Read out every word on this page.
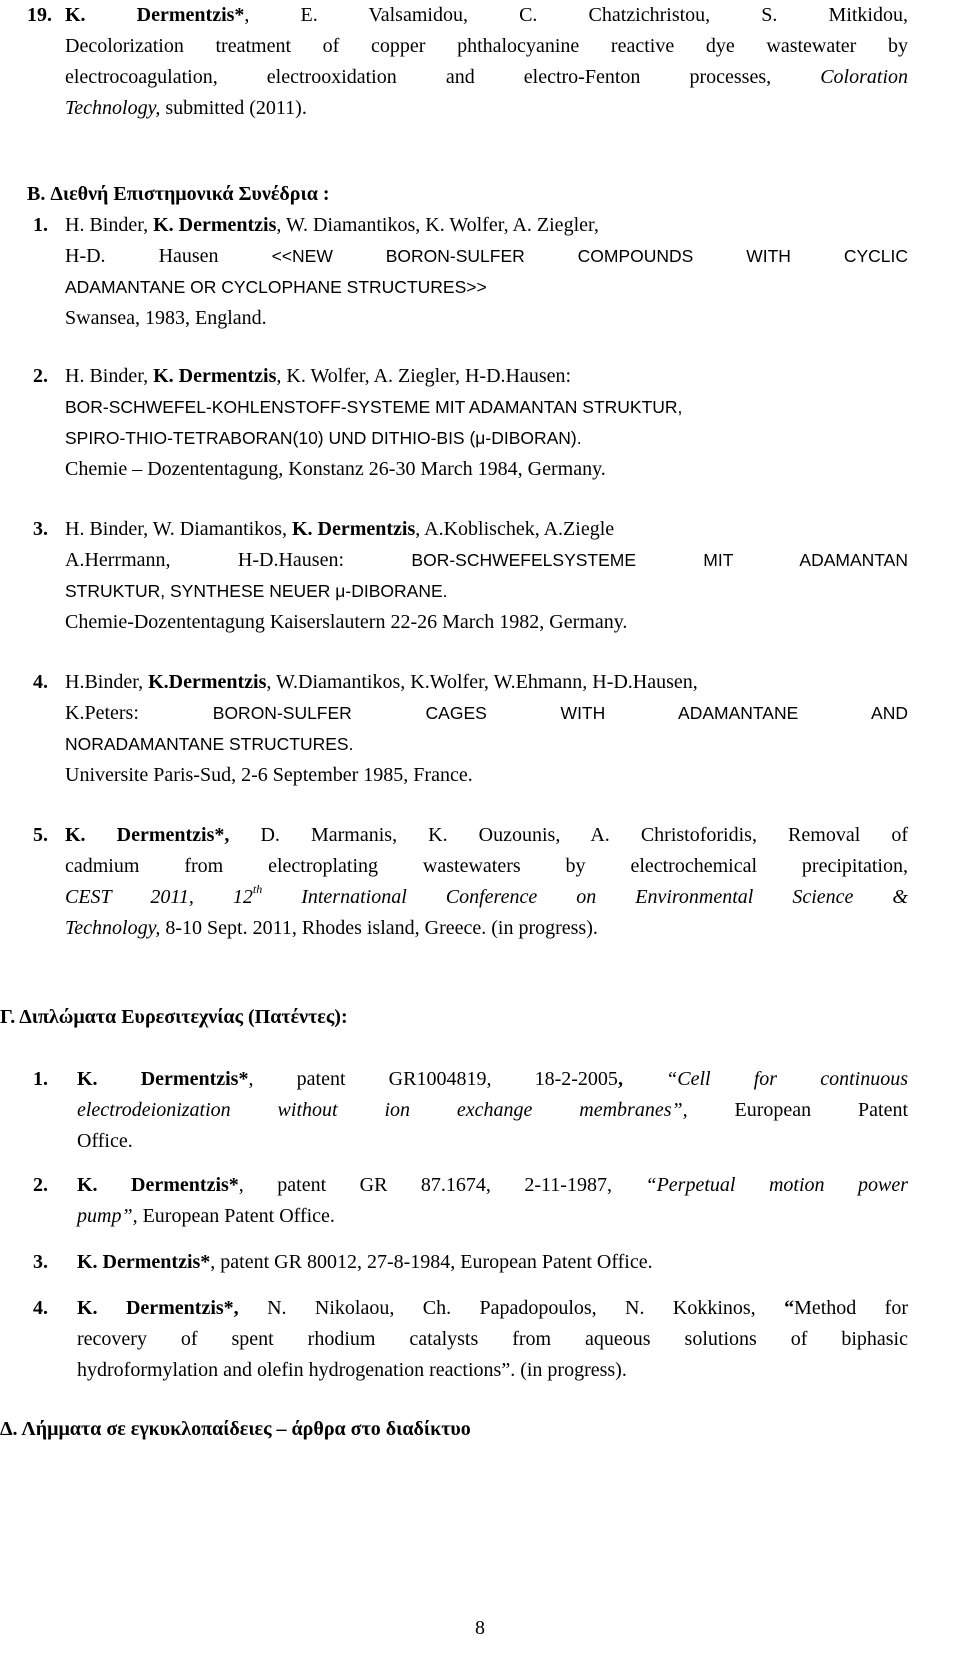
19. K. Dermentzis*, E. Valsamidou, C. Chatzichristou, S. Mitkidou,
Decolorization treatment of copper phthalocyanine reactive dye wastewater by
electrocoagulation, electrooxidation and electro-Fenton processes, Coloration
Technology, submitted (2011).
B. Διεθνή Επιστημονικά Συνέδρια :
1. H. Binder, K. Dermentzis, W. Diamantikos, K. Wolfer, A. Ziegler,
H-D. Hausen <<NEW BORON-SULFER COMPOUNDS WITH CYCLIC
ADAMANTANE OR CYCLOPHANE STRUCTURES>>
Swansea, 1983, England.
2. H. Binder, K. Dermentzis, K. Wolfer, A. Ziegler, H-D.Hausen:
BOR-SCHWEFEL-KOHLENSTOFF-SYSTEME MIT ADAMANTAN STRUKTUR,
SPIRO-THIO-TETRABORAN(10) UND DITHIO-BIS (μ-DIBORAN).
Chemie – Dozententagung, Konstanz 26-30 March 1984, Germany.
3. H. Binder, W. Diamantikos, K. Dermentzis, A.Koblischek, A.Ziegle
A.Herrmann, H-D.Hausen: BOR-SCHWEFELSYSTEME MIT ADAMANTAN
STRUKTUR, SYNTHESE NEUER μ-DIBORANE.
Chemie-Dozententagung Kaiserslautern 22-26 March 1982, Germany.
4. H.Binder, K.Dermentzis, W.Diamantikos, K.Wolfer, W.Ehmann, H-D.Hausen,
K.Peters: BORON-SULFER CAGES WITH ADAMANTANE AND
NORADAMANTANE STRUCTURES.
Universite Paris-Sud, 2-6 September 1985, France.
5. K. Dermentzis*, D. Marmanis, K. Ouzounis, A. Christoforidis, Removal of
cadmium from electroplating wastewaters by electrochemical precipitation,
CEST 2011, 12th International Conference on Environmental Science &
Technology, 8-10 Sept. 2011, Rhodes island, Greece. (in progress).
Γ. Διπλώματα Ευρεσιτεχνίας (Πατέντες):
1. K. Dermentzis*, patent GR1004819, 18-2-2005, “Cell for continuous
electrodeionization without ion exchange membranes”, European Patent
Office.
2. K. Dermentzis*, patent GR 87.1674, 2-11-1987, “Perpetual motion power
pump”, European Patent Office.
3. K. Dermentzis*, patent GR 80012, 27-8-1984, European Patent Office.
4. K. Dermentzis*, N. Nikolaou, Ch. Papadopoulos, N. Kokkinos, “Method for
recovery of spent rhodium catalysts from aqueous solutions of biphasic
hydroformylation and olefin hydrogenation reactions”. (in progress).
Δ. Λήμματα σε εγκυκλοπαίδειες – άρθρα στο διαδίκτυο
8
